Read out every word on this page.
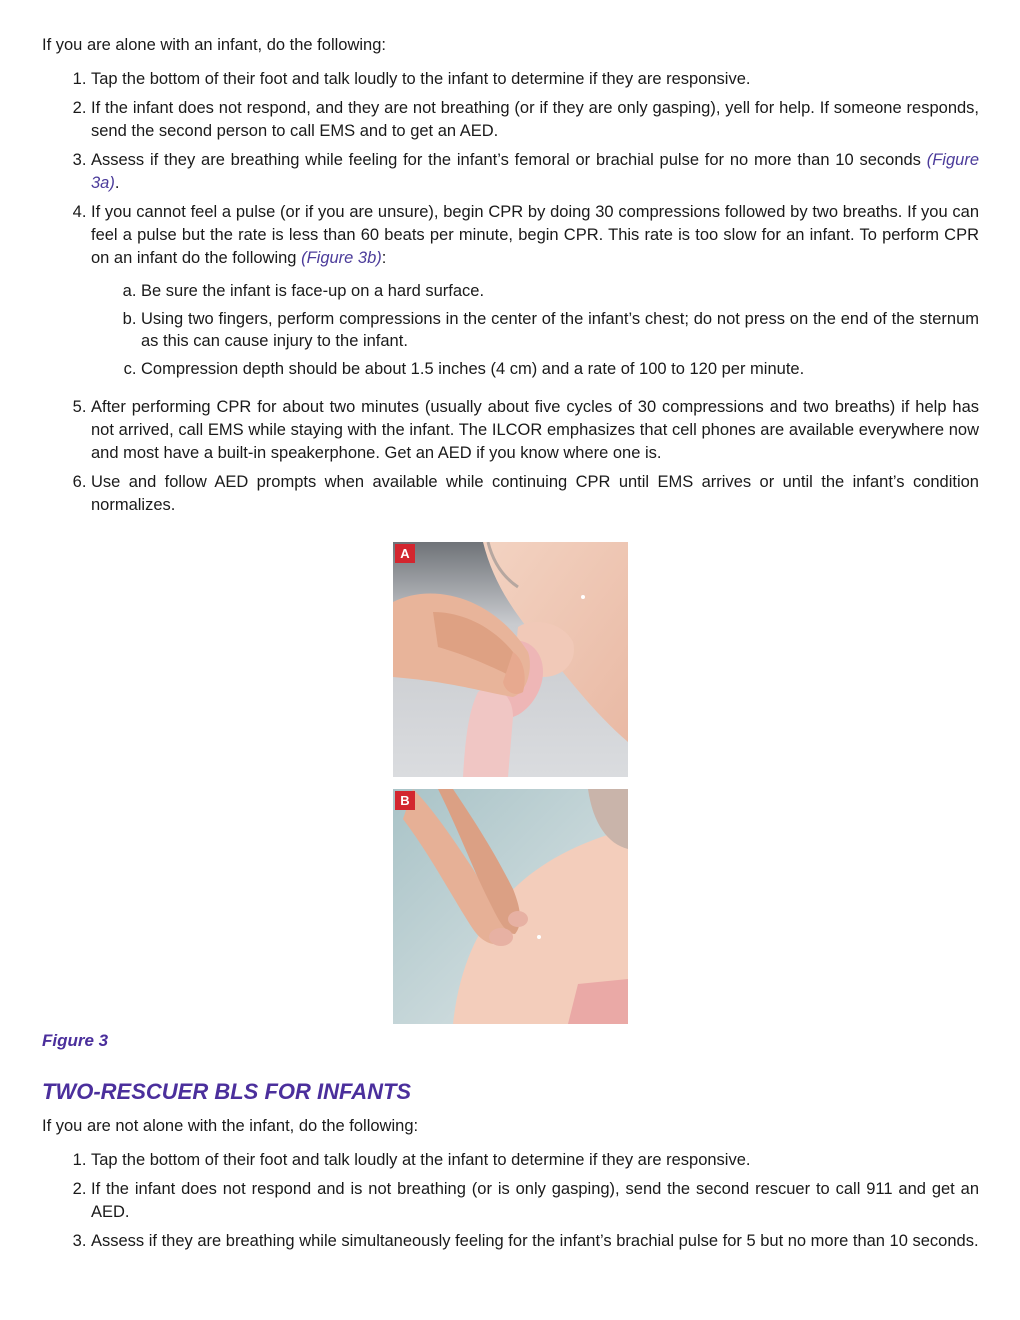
If you are alone with an infant, do the following:

1. Tap the bottom of their foot and talk loudly to the infant to determine if they are responsive.
2. If the infant does not respond, and they are not breathing (or if they are only gasping), yell for help. If someone responds, send the second person to call EMS and to get an AED.
3. Assess if they are breathing while feeling for the infant’s femoral or brachial pulse for no more than 10 seconds (Figure 3a).
4. If you cannot feel a pulse (or if you are unsure), begin CPR by doing 30 compressions followed by two breaths. If you can feel a pulse but the rate is less than 60 beats per minute, begin CPR. This rate is too slow for an infant. To perform CPR on an infant do the following (Figure 3b):
a. Be sure the infant is face-up on a hard surface.
b. Using two fingers, perform compressions in the center of the infant’s chest; do not press on the end of the sternum as this can cause injury to the infant.
c. Compression depth should be about 1.5 inches (4 cm) and a rate of 100 to 120 per minute.
5. After performing CPR for about two minutes (usually about five cycles of 30 compressions and two breaths) if help has not arrived, call EMS while staying with the infant. The ILCOR emphasizes that cell phones are available everywhere now and most have a built-in speakerphone. Get an AED if you know where one is.
6. Use and follow AED prompts when available while continuing CPR until EMS arrives or until the infant’s condition normalizes.
A
B
Figure 3
TWO-RESCUER BLS FOR INFANTS

If you are not alone with the infant, do the following:

1. Tap the bottom of their foot and talk loudly at the infant to determine if they are responsive.
2. If the infant does not respond and is not breathing (or is only gasping), send the second rescuer to call 911 and get an AED.
3. Assess if they are breathing while simultaneously feeling for the infant’s brachial pulse for 5 but no more than 10 seconds.
